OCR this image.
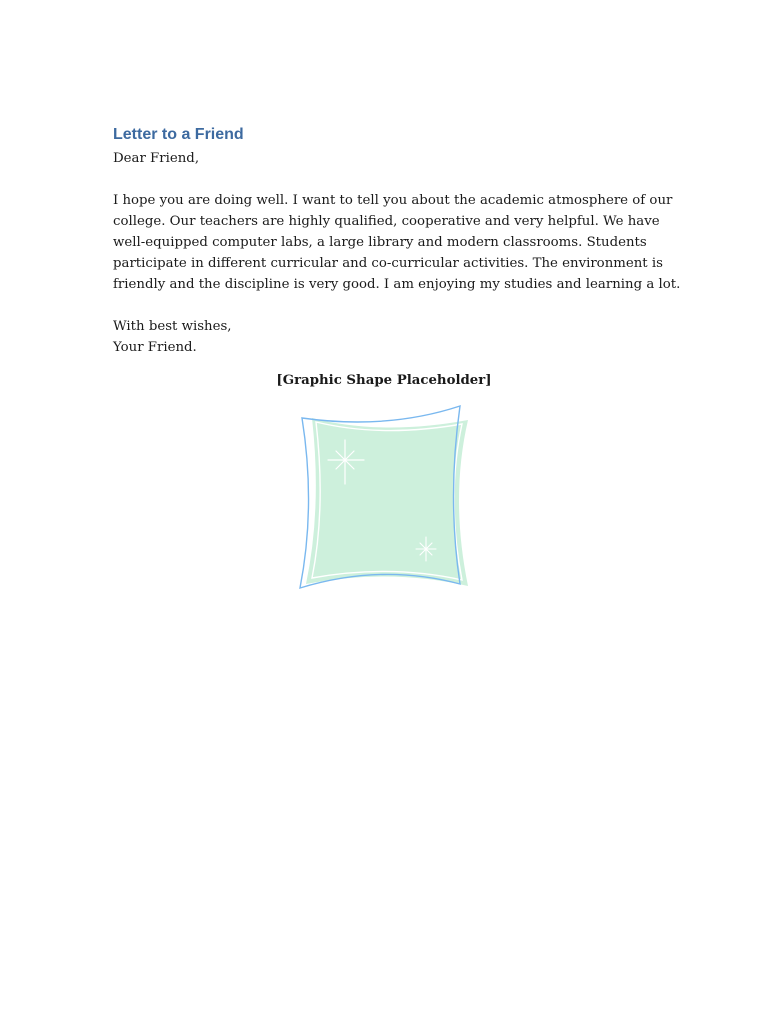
Letter to a Friend

Dear Friend,

I hope you are doing well. I want to tell you about the academic atmosphere of our
college. Our teachers are highly qualified, cooperative and very helpful. We have
well-equipped computer labs, a large library and modern classrooms. Students
participate in different curricular and co-curricular activities. The environment is
friendly and the discipline is very good. I am enjoying my studies and learning a lot.

With best wishes,

Your Friend.

[Graphic Shape Placeholder]
